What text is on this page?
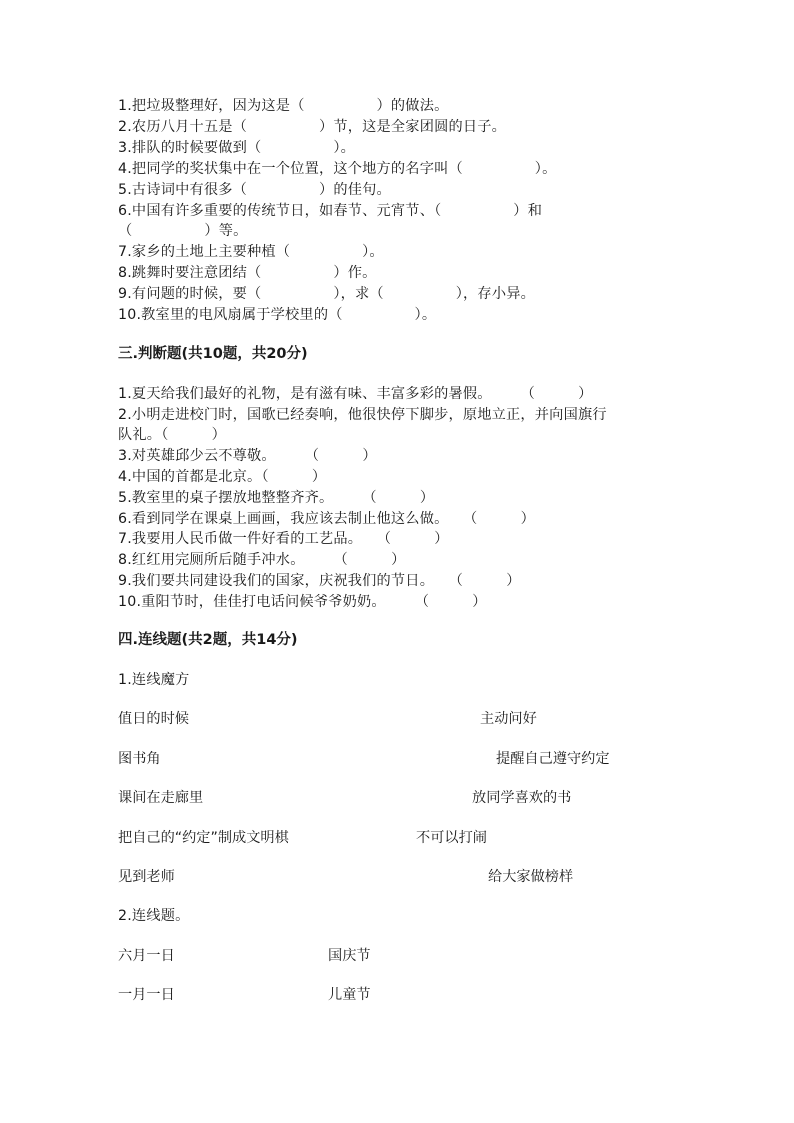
1.把垃圾整理好，因为这是（　　　　　）的做法。
2.农历八月十五是（　　　　　）节，这是全家团圆的日子。
3.排队的时候要做到（　　　　　）。
4.把同学的奖状集中在一个位置，这个地方的名字叫（　　　　　）。
5.古诗词中有很多（　　　　　）的佳句。
6.中国有许多重要的传统节日，如春节、元宵节、（　　　　　）和
（　　　　　）等。
7.家乡的土地上主要种植（　　　　　）。
8.跳舞时要注意团结（　　　　　）作。
9.有问题的时候，要（　　　　　），求（　　　　　），存小异。
10.教室里的电风扇属于学校里的（　　　　　）。
三.判断题(共10题，共20分)
1.夏天给我们最好的礼物，是有滋有味、丰富多彩的暑假。　　　（　　　）
2.小明走进校门时，国歌已经奏响，他很快停下脚步，原地立正，并向国旗行
队礼。（　　　）
3.对英雄邱少云不尊敬。　　　（　　　）
4.中国的首都是北京。（　　　）
5.教室里的桌子摆放地整整齐齐。　　　（　　　）
6.看到同学在课桌上画画，我应该去制止他这么做。　　（　　　）
7.我要用人民币做一件好看的工艺品。　　（　　　）
8.红红用完厕所后随手冲水。　　　（　　　）
9.我们要共同建设我们的国家，庆祝我们的节日。　　（　　　）
10.重阳节时，佳佳打电话问候爷爷奶奶。　　　（　　　）
四.连线题(共2题，共14分)
1.连线魔方
值日的时候	主动问好
图书角	提醒自己遵守约定
课间在走廊里	放同学喜欢的书
把自己的“约定”制成文明棋	不可以打闹
见到老师	给大家做榜样
2.连线题。
六月一日	国庆节
一月一日	儿童节
